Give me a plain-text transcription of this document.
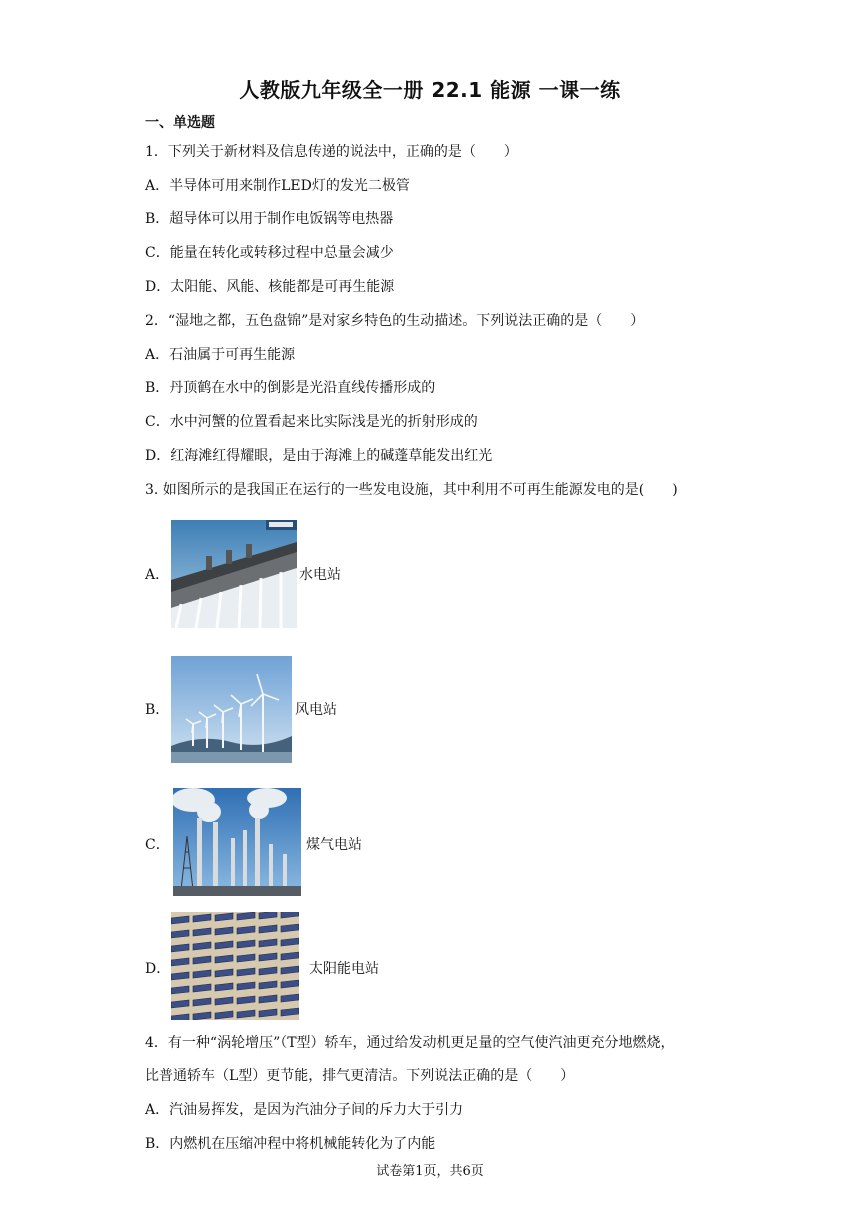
人教版九年级全一册 22.1 能源 一课一练
一、单选题
1．下列关于新材料及信息传递的说法中，正确的是（　　）
A．半导体可用来制作LED灯的发光二极管
B．超导体可以用于制作电饭锅等电热器
C．能量在转化或转移过程中总量会减少
D．太阳能、风能、核能都是可再生能源
2．“湿地之都，五色盘锦”是对家乡特色的生动描述。下列说法正确的是（　　）
A．石油属于可再生能源
B．丹顶鹤在水中的倒影是光沿直线传播形成的
C．水中河蟹的位置看起来比实际浅是光的折射形成的
D．红海滩红得耀眼，是由于海滩上的碱蓬草能发出红光
3. 如图所示的是我国正在运行的一些发电设施，其中利用不可再生能源发电的是(　　)
A．	水电站
B．	风电站
C．	煤气电站
D．	太阳能电站
4．有一种“涡轮增压”（T型）轿车，通过给发动机更足量的空气使汽油更充分地燃烧，
比普通轿车（L型）更节能，排气更清洁。下列说法正确的是（　　）
A．汽油易挥发，是因为汽油分子间的斥力大于引力
B．内燃机在压缩冲程中将机械能转化为了内能
试卷第1页，共6页
